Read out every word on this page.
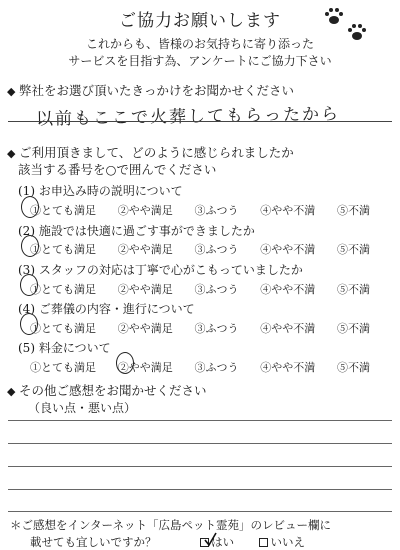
ご協力お願いします
これからも、皆様のお気持ちに寄り添った
サービスを目指す為、アンケートにご協力下さい
◆ 弊社をお選び頂いたきっかけをお聞かせください
以前もここで火葬してもらったから
◆ ご利用頂きまして、どのように感じられましたか
該当する番号を○で囲んでください
(1) お申込み時の説明について
①とても満足 ②やや満足 ③ふつう ④やや不満 ⑤不満
(2) 施設では快適に過ごす事ができましたか
①とても満足 ②やや満足 ③ふつう ④やや不満 ⑤不満
(3) スタッフの対応は丁寧で心がこもっていましたか
①とても満足 ②やや満足 ③ふつう ④やや不満 ⑤不満
(4) ご葬儀の内容・進行について
①とても満足 ②やや満足 ③ふつう ④やや不満 ⑤不満
(5) 料金について
①とても満足 ②やや満足 ③ふつう ④やや不満 ⑤不満
◆ その他ご感想をお聞かせください
（良い点・悪い点）
＊ご感想をインターネット「広島ペット霊苑」のレビュー欄に
載せても宜しいですか？	はい	いいえ
